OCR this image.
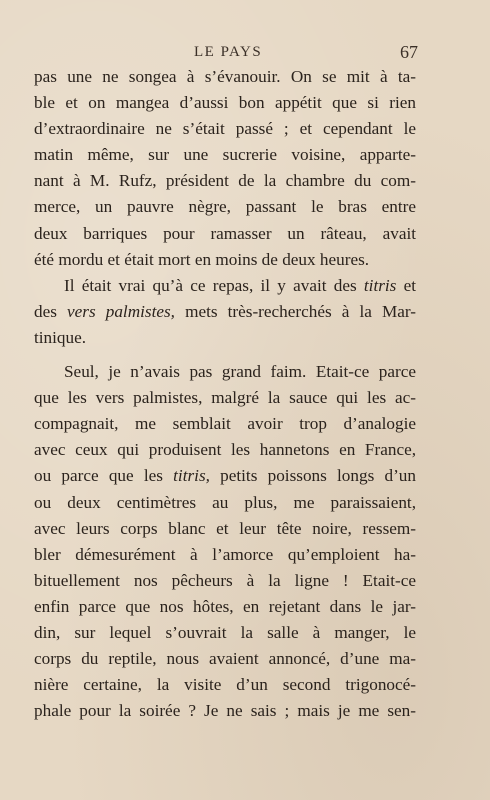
LE PAYS	67
pas une ne songea à s’évanouir. On se mit à ta-
ble et on mangea d’aussi bon appétit que si rien
d’extraordinaire ne s’était passé ; et cependant le
matin même, sur une sucrerie voisine, apparte-
nant à M. Rufz, président de la chambre du com-
merce, un pauvre nègre, passant le bras entre
deux barriques pour ramasser un râteau, avait
été mordu et était mort en moins de deux heures.
Il était vrai qu’à ce repas, il y avait des titris et
des vers palmistes, mets très-recherchés à la Mar-
tinique.
Seul, je n’avais pas grand faim. Etait-ce parce
que les vers palmistes, malgré la sauce qui les ac-
compagnait, me semblait avoir trop d’analogie
avec ceux qui produisent les hannetons en France,
ou parce que les titris, petits poissons longs d’un
ou deux centimètres au plus, me paraissaient,
avec leurs corps blanc et leur tête noire, ressem-
bler démesurément à l’amorce qu’emploient ha-
bituellement nos pêcheurs à la ligne ! Etait-ce
enfin parce que nos hôtes, en rejetant dans le jar-
din, sur lequel s’ouvrait la salle à manger, le
corps du reptile, nous avaient annoncé, d’une ma-
nière certaine, la visite d’un second trigonocé-
phale pour la soirée ? Je ne sais ; mais je me sen-
